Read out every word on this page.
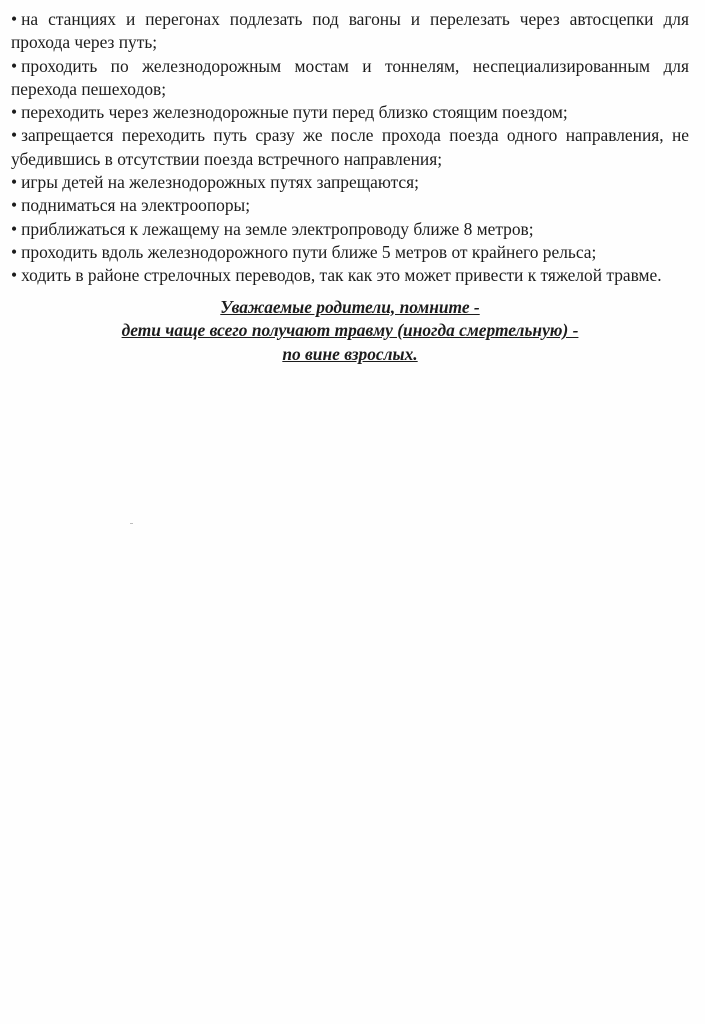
• на станциях и перегонах подлезать под вагоны и перелезать через автосцепки для прохода через путь;

• проходить по железнодорожным мостам и тоннелям, неспециализированным для перехода пешеходов;

• переходить через железнодорожные пути перед близко стоящим поездом;

• запрещается переходить путь сразу же после прохода поезда одного направления, не убедившись в отсутствии поезда встречного направления;

• игры детей на железнодорожных путях запрещаются;

• подниматься на электроопоры;

• приближаться к лежащему на земле электропроводу ближе 8 метров;

• проходить вдоль железнодорожного пути ближе 5 метров от крайнего рельса;

• ходить в районе стрелочных переводов, так как это может привести к тяжелой травме.

Уважаемые родители, помните -
дети чаще всего получают травму (иногда смертельную) -
по вине взрослых.
